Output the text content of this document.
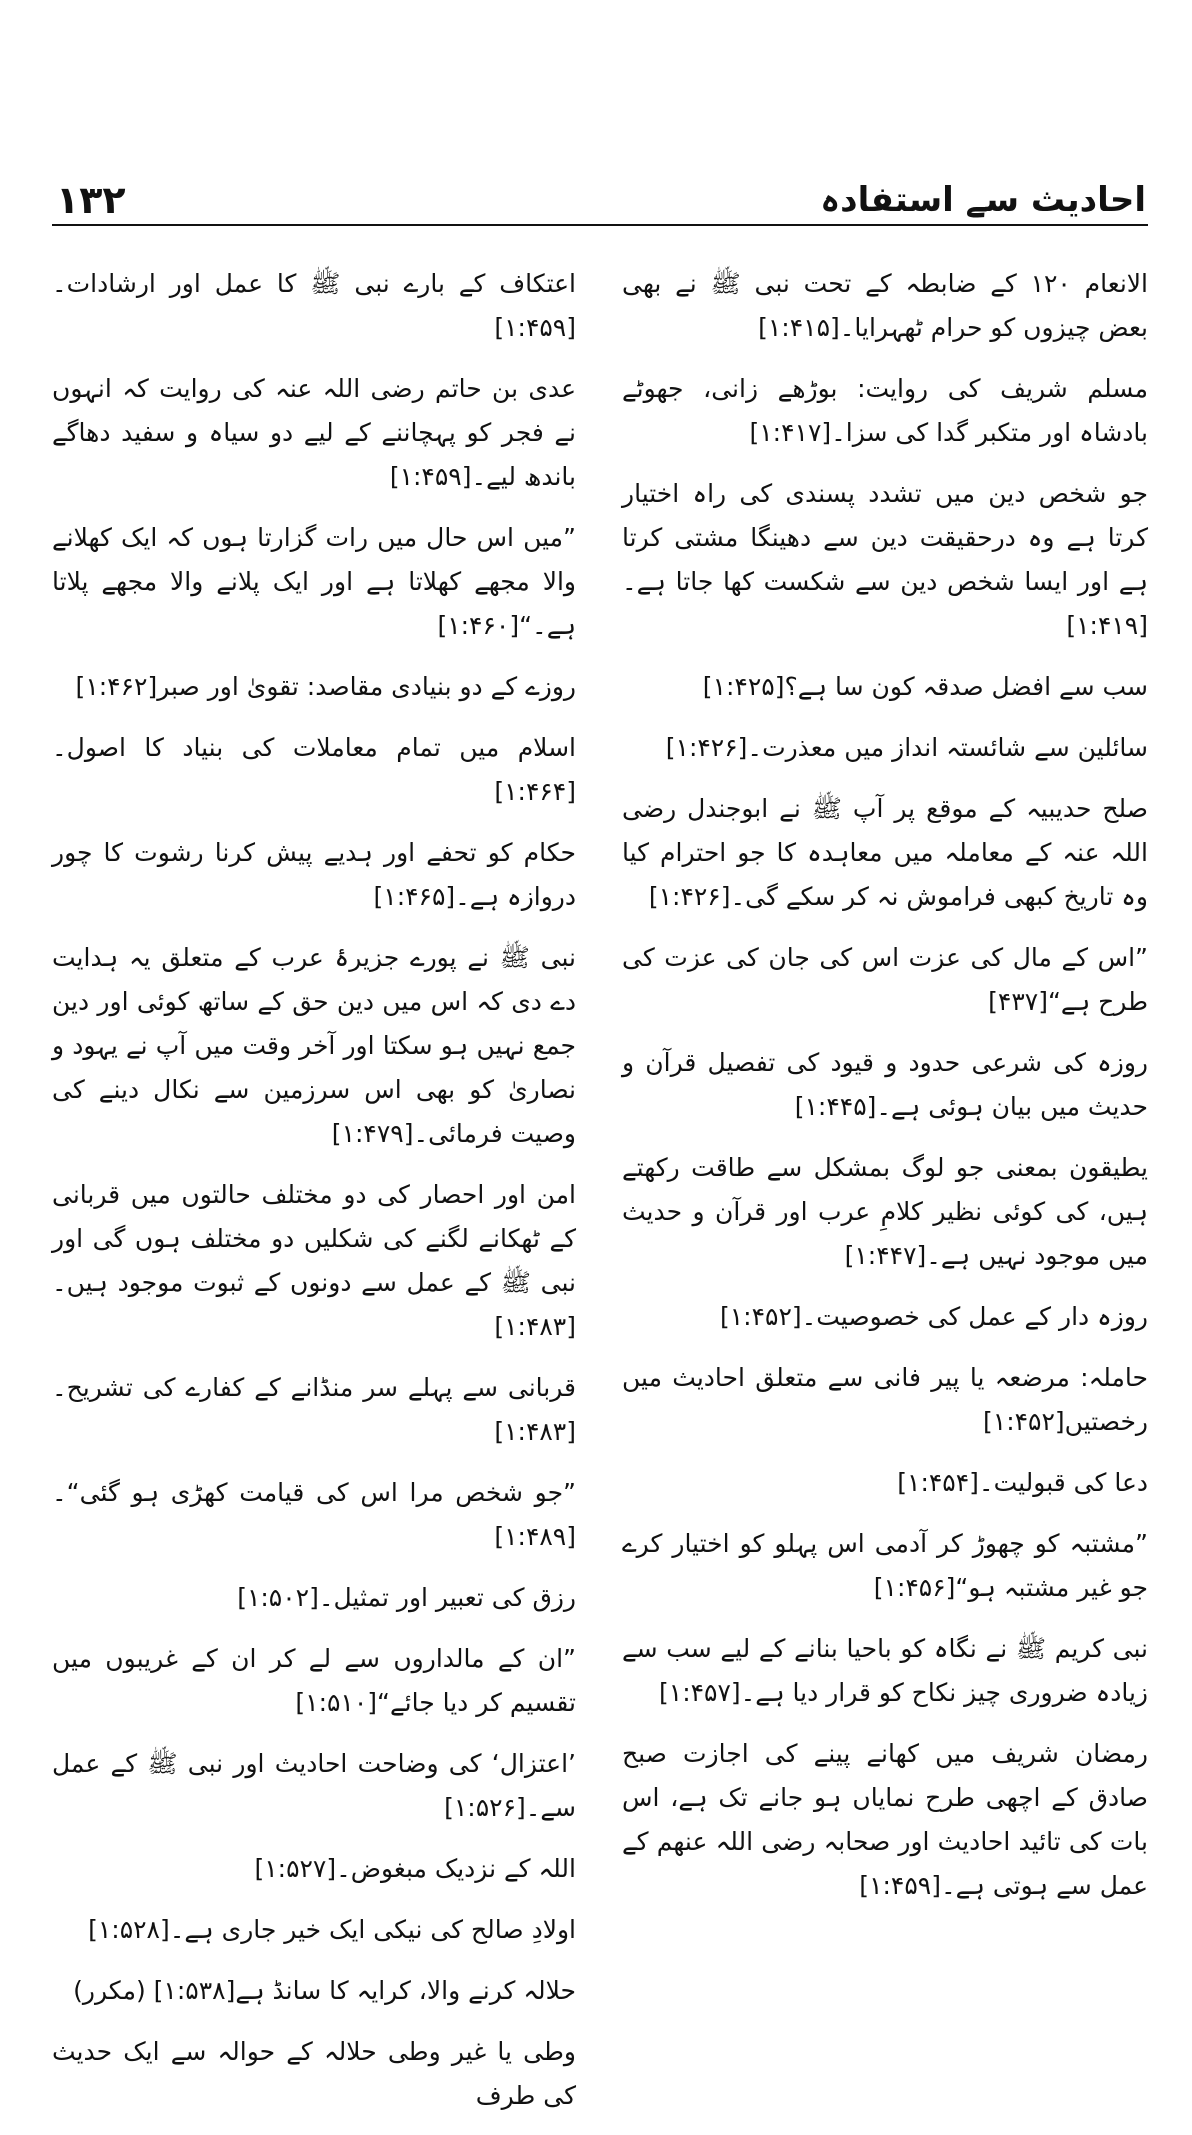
۱۳۲	احادیث سے استفادہ

الانعام ۱۲۰ کے ضابطہ کے تحت نبی ﷺ نے بھی بعض چیزوں کو حرام ٹھہرایا۔[۱:۴۱۵]

مسلم شریف کی روایت: بوڑھے زانی، جھوٹے بادشاہ اور متکبر گدا کی سزا۔[۱:۴۱۷]

جو شخص دین میں تشدد پسندی کی راہ اختیار کرتا ہے وہ درحقیقت دین سے دھینگا مشتی کرتا ہے اور ایسا شخص دین سے شکست کھا جاتا ہے۔[۱:۴۱۹]

سب سے افضل صدقہ کون سا ہے؟[۱:۴۲۵]

سائلین سے شائستہ انداز میں معذرت۔[۱:۴۲۶]

صلح حدیبیہ کے موقع پر آپ ﷺ نے ابوجندل رضی اللہ عنہ کے معاملہ میں معاہدہ کا جو احترام کیا وہ تاریخ کبھی فراموش نہ کر سکے گی۔[۱:۴۲۶]

”اس کے مال کی عزت اس کی جان کی عزت کی طرح ہے“[۴۳۷]

روزہ کی شرعی حدود و قیود کی تفصیل قرآن و حدیث میں بیان ہوئی ہے۔[۱:۴۴۵]

یطیقون بمعنی جو لوگ بمشکل سے طاقت رکھتے ہیں، کی کوئی نظیر کلامِ عرب اور قرآن و حدیث میں موجود نہیں ہے۔[۱:۴۴۷]

روزہ دار کے عمل کی خصوصیت۔[۱:۴۵۲]

حاملہ: مرضعہ یا پیر فانی سے متعلق احادیث میں رخصتیں[۱:۴۵۲]

دعا کی قبولیت۔[۱:۴۵۴]

”مشتبہ کو چھوڑ کر آدمی اس پہلو کو اختیار کرے جو غیر مشتبہ ہو“[۱:۴۵۶]

نبی کریم ﷺ نے نگاہ کو باحیا بنانے کے لیے سب سے زیادہ ضروری چیز نکاح کو قرار دیا ہے۔[۱:۴۵۷]

رمضان شریف میں کھانے پینے کی اجازت صبح صادق کے اچھی طرح نمایاں ہو جانے تک ہے، اس بات کی تائید احادیث اور صحابہ رضی اللہ عنھم کے عمل سے ہوتی ہے۔[۱:۴۵۹]

اعتکاف کے بارے نبی ﷺ کا عمل اور ارشادات۔[۱:۴۵۹]

عدی بن حاتم رضی اللہ عنہ کی روایت کہ انہوں نے فجر کو پہچاننے کے لیے دو سیاہ و سفید دھاگے باندھ لیے۔[۱:۴۵۹]

”میں اس حال میں رات گزارتا ہوں کہ ایک کھلانے والا مجھے کھلاتا ہے اور ایک پلانے والا مجھے پلاتا ہے۔“[۱:۴۶۰]

روزے کے دو بنیادی مقاصد: تقویٰ اور صبر[۱:۴۶۲]

اسلام میں تمام معاملات کی بنیاد کا اصول۔[۱:۴۶۴]

حکام کو تحفے اور ہدیے پیش کرنا رشوت کا چور دروازہ ہے۔[۱:۴۶۵]

نبی ﷺ نے پورے جزیرۂ عرب کے متعلق یہ ہدایت دے دی کہ اس میں دین حق کے ساتھ کوئی اور دین جمع نہیں ہو سکتا اور آخر وقت میں آپ نے یہود و نصاریٰ کو بھی اس سرزمین سے نکال دینے کی وصیت فرمائی۔[۱:۴۷۹]

امن اور احصار کی دو مختلف حالتوں میں قربانی کے ٹھکانے لگنے کی شکلیں دو مختلف ہوں گی اور نبی ﷺ کے عمل سے دونوں کے ثبوت موجود ہیں۔[۱:۴۸۳]

قربانی سے پہلے سر منڈانے کے کفارے کی تشریح۔[۱:۴۸۳]

”جو شخص مرا اس کی قیامت کھڑی ہو گئی“۔[۱:۴۸۹]

رزق کی تعبیر اور تمثیل۔[۱:۵۰۲]

”ان کے مالداروں سے لے کر ان کے غریبوں میں تقسیم کر دیا جائے“[۱:۵۱۰]

’اعتزال‘ کی وضاحت احادیث اور نبی ﷺ کے عمل سے۔[۱:۵۲۶]

اللہ کے نزدیک مبغوض۔[۱:۵۲۷]

اولادِ صالح کی نیکی ایک خیر جاری ہے۔[۱:۵۲۸]

حلالہ کرنے والا، کرایہ کا سانڈ ہے[۱:۵۳۸] (مکرر)

وطی یا غیر وطی حلالہ کے حوالہ سے ایک حدیث کی طرف
